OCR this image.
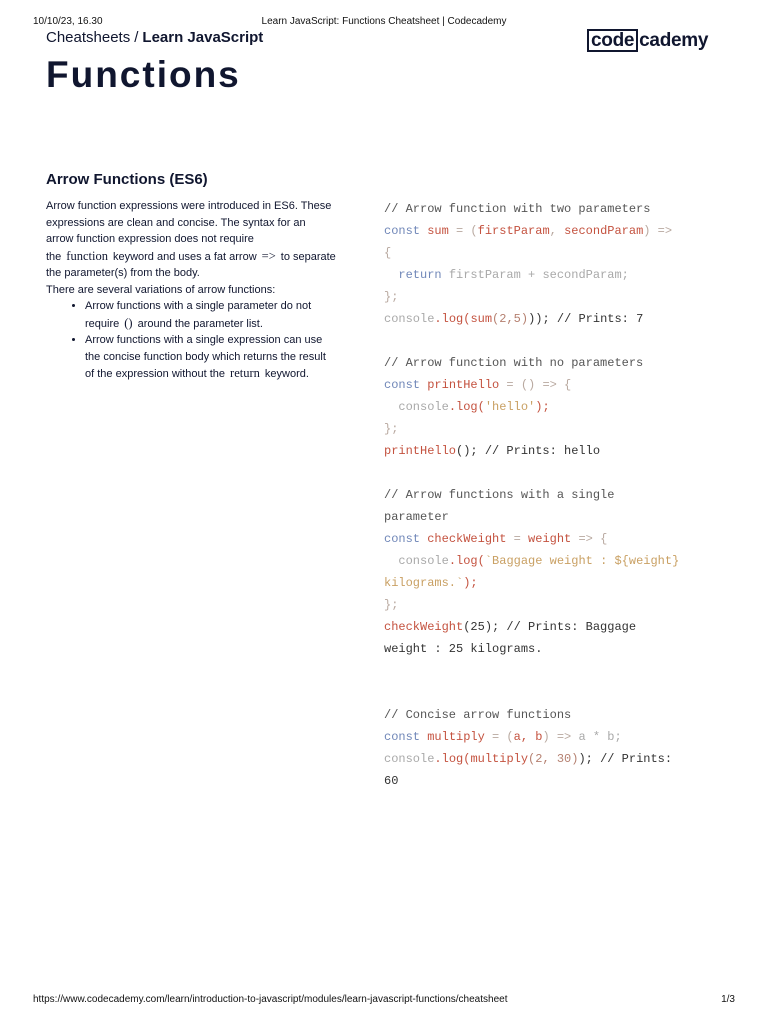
10/10/23, 16.30	Learn JavaScript: Functions Cheatsheet | Codecademy
Cheatsheets / Learn JavaScript	code cademy
Functions
Arrow Functions (ES6)

Arrow function expressions were introduced in ES6. These expressions are clean and concise. The syntax for an arrow function expression does not require the function keyword and uses a fat arrow => to separate the parameter(s) from the body.

There are several variations of arrow functions:

• Arrow functions with a single parameter do not require () around the parameter list.
• Arrow functions with a single expression can use the concise function body which returns the result of the expression without the return keyword.
// Arrow function with two parameters
const sum = (firstParam, secondParam) =>
{
return firstParam + secondParam;
};
console.log(sum(2,5))); // Prints: 7

// Arrow function with no parameters
const printHello = () => {
console.log('hello');
};
printHello(); // Prints: hello

// Arrow functions with a single
parameter
const checkWeight = weight => {
console.log(`Baggage weight : ${weight}
kilograms.`);
};
checkWeight(25); // Prints: Baggage
weight : 25 kilograms.

// Concise arrow functions
const multiply = (a, b) => a * b;
console.log(multiply(2, 30)); // Prints:
60
https://www.codecademy.com/learn/introduction-to-javascript/modules/learn-javascript-functions/cheatsheet	1/3
